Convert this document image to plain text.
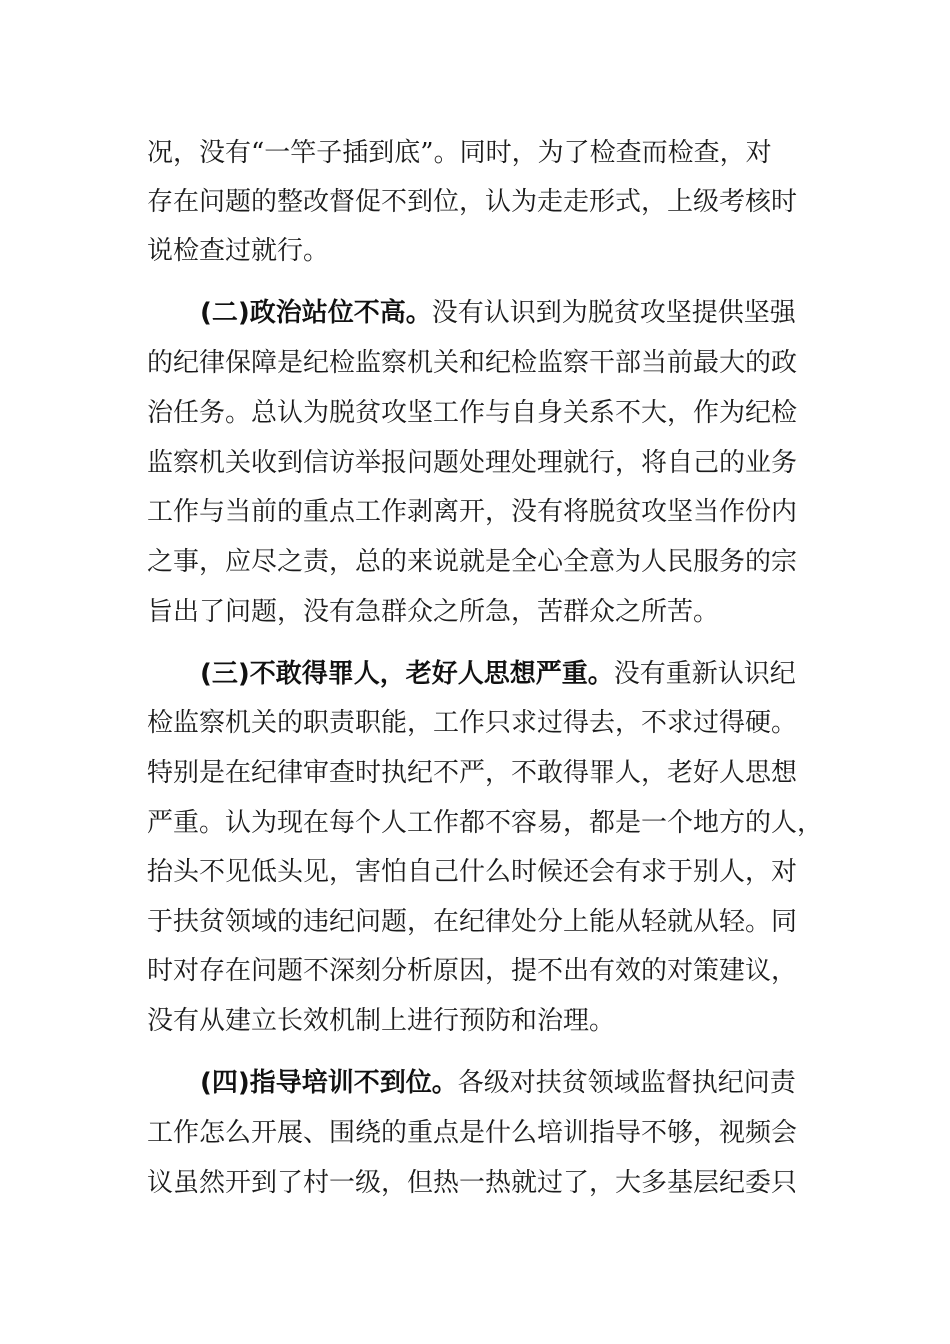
况，没有“一竿子插到底”。同时，为了检查而检查，对
存在问题的整改督促不到位，认为走走形式，上级考核时
说检查过就行。
(二)政治站位不高。没有认识到为脱贫攻坚提供坚强
的纪律保障是纪检监察机关和纪检监察干部当前最大的政
治任务。总认为脱贫攻坚工作与自身关系不大，作为纪检
监察机关收到信访举报问题处理处理就行，将自己的业务
工作与当前的重点工作剥离开，没有将脱贫攻坚当作份内
之事，应尽之责，总的来说就是全心全意为人民服务的宗
旨出了问题，没有急群众之所急，苦群众之所苦。
(三)不敢得罪人，老好人思想严重。没有重新认识纪
检监察机关的职责职能，工作只求过得去，不求过得硬。
特别是在纪律审查时执纪不严，不敢得罪人，老好人思想
严重。认为现在每个人工作都不容易，都是一个地方的人，
抬头不见低头见，害怕自己什么时候还会有求于别人，对
于扶贫领域的违纪问题，在纪律处分上能从轻就从轻。同
时对存在问题不深刻分析原因，提不出有效的对策建议，
没有从建立长效机制上进行预防和治理。
(四)指导培训不到位。各级对扶贫领域监督执纪问责
工作怎么开展、围绕的重点是什么培训指导不够，视频会
议虽然开到了村一级，但热一热就过了，大多基层纪委只
